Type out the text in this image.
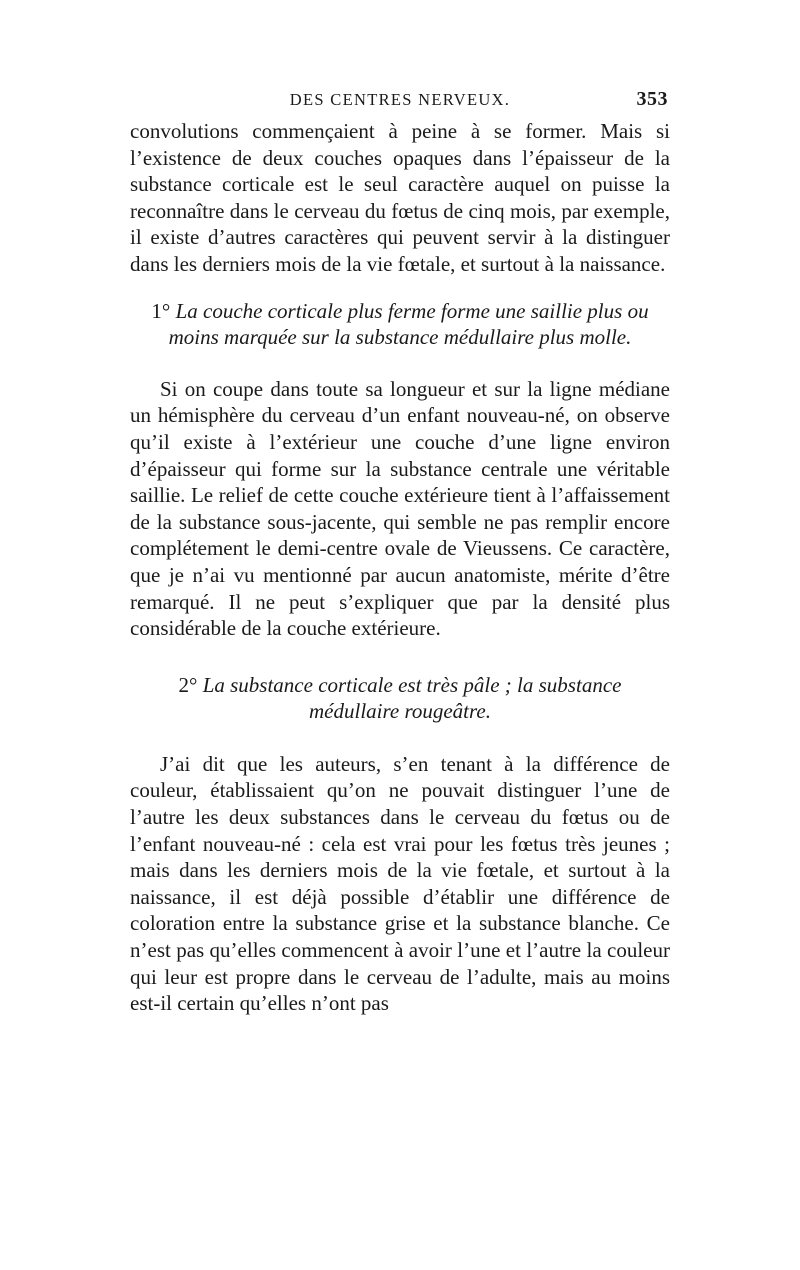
DES CENTRES NERVEUX.	353

convolutions commençaient à peine à se former. Mais si l’existence de deux couches opaques dans l’épaisseur de la substance corticale est le seul caractère auquel on puisse la reconnaître dans le cerveau du fœtus de cinq mois, par exemple, il existe d’autres caractères qui peuvent servir à la distinguer dans les derniers mois de la vie fœtale, et surtout à la naissance.

1° La couche corticale plus ferme forme une saillie plus ou moins marquée sur la substance médullaire plus molle.

Si on coupe dans toute sa longueur et sur la ligne médiane un hémisphère du cerveau d’un enfant nouveau-né, on observe qu’il existe à l’extérieur une couche d’une ligne environ d’épaisseur qui forme sur la substance centrale une véritable saillie. Le relief de cette couche extérieure tient à l’affaissement de la substance sous-jacente, qui semble ne pas remplir encore complétement le demi-centre ovale de Vieussens. Ce caractère, que je n’ai vu mentionné par aucun anatomiste, mérite d’être remarqué. Il ne peut s’expliquer que par la densité plus considérable de la couche extérieure.

2° La substance corticale est très pâle ; la substance médullaire rougeâtre.

J’ai dit que les auteurs, s’en tenant à la différence de couleur, établissaient qu’on ne pouvait distinguer l’une de l’autre les deux substances dans le cerveau du fœtus ou de l’enfant nouveau-né : cela est vrai pour les fœtus très jeunes ; mais dans les derniers mois de la vie fœtale, et surtout à la naissance, il est déjà possible d’établir une différence de coloration entre la substance grise et la substance blanche. Ce n’est pas qu’elles commencent à avoir l’une et l’autre la couleur qui leur est propre dans le cerveau de l’adulte, mais au moins est-il certain qu’elles n’ont pas
